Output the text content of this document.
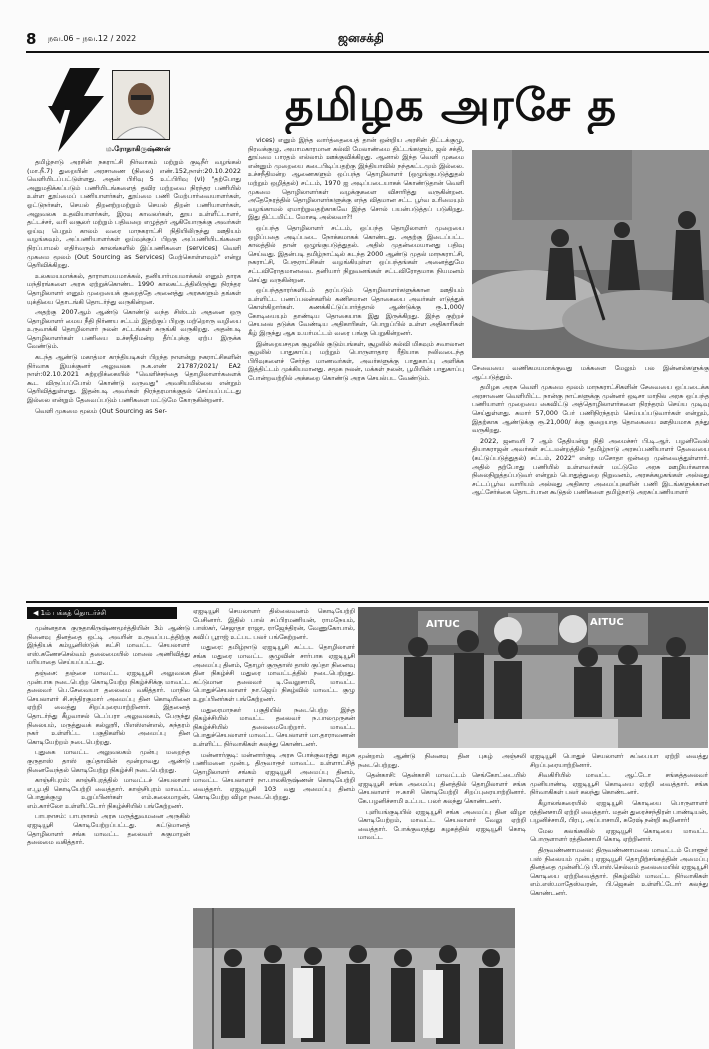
8 நவ.06 – நவ.12 / 2022	ஜனசக்தி
ம.ரோதாகிருஷ்ணன்
தமிழக அரசே த

தமிழ்நாடு அரசின் நகராட்சி நிர்வாகம் மற்றும் குடிநீர் வழங்கல் (மா.நீ.7) துறையின் அரசாணை (நிலை) எண்.152,நாள்:20.10.2022 வெளியிடப்பட்டுள்ளது. அதன் பிரிவு 5 உட்பிரிவு (vi) "தற்போது அனுமதிக்கப்படும் பணியிடங்களைத் தவிர மற்றவை நிரந்தர பணியில் உள்ள தூய்மைப் பணியாளர்கள், தூய்மை பணி மேற்பார்வையாளர்கள், ஓட்டுநர்கள், செயல் திறனற்றமற்றும் செயல் திறன் பணியாளர்கள், அலுவலக உதவியாளர்கள், இரவு காவலர்கள், தூய உள்ளீட்டாளர், தட்டச்சர், வரி வசூலர் மற்றும் பதிவறை எழுத்தர் ஆகியோருக்கு அவர்கள் ஓய்வு பெறும் காலம் வரை மாநகராட்சி நிதியிலிருந்து ஊதியம் வழங்கவும், அப்பணியாளர்கள் ஓய்வுக்குப் பிறகு அப்பணியிடங்களை நிரப்பாமல் எதிர்வரும் காலங்களில் இப்பணிகளை (services) வெளி முகமை மூலம் (Out Sourcing as Services) மேற்கொள்ளவும்" என்று தெரிவிக்கிறது.

உலகமயமாக்கல், தாராளமயமாக்கல், தனியார்மயமாக்கல் எனும் தாரக மந்திரங்களை அரசு ஏற்றுக்கொண்ட 1990 காலகட்டத்திலிருந்து நிரந்தர தொழிலாளர் எனும் முறையைக் குறைத்தே அனைத்து அரசுகளும் தங்கள் யுக்தியை தொடங்கி தொடர்ந்து வருகின்றன.

அதற்கு 2007ஆம் ஆண்டு கொண்டு வந்த சிஸ்டம் அதனை ஒரு தொழிலாளர் மைய நீதி நிர்ணய சட்டம் இதற்குப் பிறகு மற்றொரு வழியை உருவாக்கி தொழிலாளர் நலன் சட்டங்கள் சுருங்கி வருகிறது. அதன்படி தொழிலாளர்கள் பணியை உச்சநீதிமன்ற தீர்ப்புக்கு ஏற்ப இருக்க வேண்டும்.

கடந்த ஆண்டு மகாத்மா காந்தியடிகள் பிறந்த நாளன்று நகராட்சிகளின் நிர்வாக இயக்குனர் அலுவலக ந.க.எண் 21787/2021/ EA2 நாள்:02.10.2021 சுற்றறிக்கையில் "வெளிச்சந்தை தொழிலாளர்களைக் கூட விருப்பப்போல் கொண்டு வருவது" அவசியமில்லை என்றும் தெரிவித்துள்ளது. இதன்படி அவர்கள் நிரந்தரமாக்குதல் செய்யப்பட்டது இல்லை என்றும் தேவைப்படும் பணிகளை மட்டுமே கோருகின்றனர்.

வெளி முகமை மூலம் (Out Sourcing as Ser-

vices) எனும் இந்த வார்த்தையைத் தான் ஒன்றிய அரசின் திட்டக்குழு, நிரவக்குழு, அயாமகாரமான கல்வி மேலாண்மை திட்டங்களும், ஜல் சக்தி, தூய்மை பாரதம் எல்லாம் ஊக்குவிக்கிறது. ஆனால் இந்த வெளி முகமை என்னும் முறையை கடைபிடிப்பதற்கு இந்தியாவில் நந்தகட்டமும் இல்லை. உச்சநீதிமன்ற ஆணைகளும் ஒப்பந்த தொழிலாளர் (ஒழுங்குபடுத்துதல் மற்றும் ஒழித்தல்) சட்டம், 1970 ஐ அடிப்படையாகக் கொண்டுதான் வெளி முகமை தொழிலாளர்கள் வழக்குகளை விசாரித்து வருகின்றன. அதேநேரத்தில் தொழிலாளர்களுக்கு எந்த விதமான சட்ட பூர்வ உரிமையும் வழங்காமல் ஏமாற்றுவதற்காகவே இந்த சொல் பயன்படுத்தப் படுகிறது. இது திட்டமிட்ட மோசடி அல்லவா?!

ஒப்பந்த தொழிலாளர் சட்டம், ஒப்பந்த தொழிலாளர் முறையை ஒழிப்பதை அடிப்படை நோக்கமாகக் கொண்டது. அதற்கு இடைப்பட்ட காலத்தில் தான் ஒழுங்குபடுத்துதல். அதில் முதன்மையானது பதிவு செய்வது. இதன்படி தமிழ்நாட்டில் கடந்த 2000 ஆண்டு முதல் மாநகராட்சி, நகராட்சி, பேரூராட்சிகள் வழங்கியுள்ள ஒப்பந்தங்கள் அனைத்துமே சட்டவிரோதமானவை. தனியார் நிறுவனங்கள் சட்டவிரோதமாக நியமனம் செய்து வருகின்றன.

ஒப்பந்ததாரர்களிடம் தரப்படும் தொழிலாளர்களுக்கான ஊதியம் உள்ளிட்ட பணப்பலன்களில் கணிசமான தொகையை அவர்கள் எடுத்துக் கொள்கிறார்கள். கணக்கிட்டுப்பார்த்தால் ஆண்டுக்கு ரூ.1,000/கோடியையும் தாண்டிய தொகையாக இது இருக்கிறது. இந்த குற்றச் செயலை தடுக்க வேண்டிய அதிகாரிகள், பொறுப்பில் உள்ள அதிகாரிகள் கீழ் இருந்து ஆக உயர்மட்டம் வரை பங்கு பெறுகின்றனர்.

இன்றையசமூக சூழலில் குடும்பங்கள், சூழலில் கல்வி மிகவும் சவாலான சூழலில் பாதுகாப்பு மற்றும் பொருளாதார ரீதியாக நலிவடைந்த பிரிவுகளைச் சேர்ந்த மாணவர்கள், அவர்களுக்கு பாதுகாப்பு அளிக்க இத்திட்டம் முக்கியமானது. சமூக நலன், மக்கள் நலன், பூமியின் பாதுகாப்பு போன்றவற்றில் அக்கறை கொண்டு அரசு செயல்பட வேண்டும்.

சேவையை வணிகமயமாக்குவது மக்களை மேலும் பல இன்னல்களுக்கு ஆட்படுத்தும்.

தமிழக அரசு வெளி முகமை மூலம் மாநகராட்சிகளின் சேவையை ஒப்படைக்க அரசாணை வெளியிட்ட நான்கு நாட்களுக்கு முன்னர் ஒடிசா மாநில அரசு ஒப்பந்த பணியாளர் முறையை கைவிட்டு அத்தொழிலாளர்களை நிரந்தரம் செய்ய முடிவு செய்துள்ளது. சுமார் 57,000 பேர் பணிநிரந்தரம் செய்யப்படுவார்கள் என்றும், இதற்காக ஆண்டுக்கு ரூ.21,000/ க்கு குறையாத தொகையை ஊதியமாக தந்து வருகிறது.

2022, ஜனவரி 7 ஆம் தேதியன்று நிதி அமைச்சர் பி.டி.ஆர். பழனிவேல் தியாகராஜன் அவர்கள் சட்டமன்றத்தில் "தமிழ்நாடு அரசுப்பணியாளர் தேவையை (கட்டுப்படுத்துதல்) சட்டம், 2022" என்ற மசோதா ஒன்றை முன்வைத்துள்ளார். அதில் தற்போது பணியில் உள்ளவர்கள் மட்டுமே அரசு ஊழியர்களாக நிலைநிறுத்தப்படுவர் என்றும் பொதுத்துறை நிறுவனம், அரசுக்கழகங்கள் அல்லது சட்டப்பூர்வ வாரியம் அல்லது அதிகார அமைப்புகளின் பணி இடங்களுக்கான ஆட்சேர்க்கை தொடர்பான கூடுதல் பணிகளை தமிழ்நாடு அரசுப்பணியாளர்

◀ 1ம் பக்கத் தொடர்ச்சி

முன்னதாக குருதாகிருஷ்ணமூர்த்தியின் 3ம் ஆண்டு நினைவு தினத்தை ஒட்டி அவரின் உருவப்படத்திற்கு இந்தியக் கம்யூனிஸ்டுக் கட்சி மாவட்ட செயலாளர் எஸ்.கணேசசெல்வம் தலைமையில் மாலை அணிவித்து மரியாதை செய்யப்பட்டது.

தஞ்சை: தஞ்சை மாவட்ட ஏஐடியூசி அலுவலக முன்பாக நடைபெற்ற கொடியேற்ற நிகழ்ச்சிக்கு மாவட்ட தலைவர் பெ.சேவையா தலைமை வகித்தார். மாநில செயலாளர் சி.சந்திரகுமார் அமைப்பு தின கொடியினை ஏற்றி வைத்து சிறப்புரையாற்றினார். இதனைத் தொடர்ந்து கீழவாசல் டெப்பரா அலுவலகம், பேருந்து நிலையம், மருத்துவக் கல்லூரி, பிஎஸ்என்எல், சுந்தரம் நகர் உள்ளிட்ட பகுதிகளில் அமைப்பு தின கொடியேற்றம் நடைபெற்றது.

புதுகை மாவட்ட அலுவலகம் முன்பு மறைந்த குருதாஸ் தாஸ் குப்தாவின் மூன்றாவது ஆண்டு நினைவேந்தல் கொடியேற்று நிகழ்ச்சி நடைபெற்றது.

காஞ்சிபுரம்: காஞ்சிபுரத்தில் மாவட்டச் செயலாளர் எ.பூபதி கொடியேற்றி வைத்தார். காஞ்சிபுரம் மாவட்ட பொதுக்குழு உறுப்பினர்கள் எம்.கலைமாறன், எம்.கார்லோ உள்ளிட்டோர் நிகழ்ச்சியில் பங்கேற்றனர்.

பாபநாசம்: பாபநாசம் அரசு மருத்துவமனை அருகில் ஏஐடியூசி கொடியேற்றப்பட்டது. கட்டுமானத் தொழிலாளர் சங்க மாவட்ட தலைவர் சுகுமாறன் தலைமை வகித்தார்.

ஏஐடியூசி செயலாளர் தில்லைவனம் கொடியேற்றி பேசினார். இதில் பால் சப்பிரமணியன், ராமநேயம், பாஸ்கர், செஜாதா ராஜா, ராஜேந்திரன், வேணுகோபால், கவிப் பூராஜ் உட்பட பலர் பங்கேற்றனர்.

மதுரை: தமிழ்நாடு ஏஐடியூசி கட்டட தொழிலாளர் சங்க மதுரை மாவட்ட குழுவின் சார்பாக ஏஐடியூசி அமைப்பு தினம், தோழர் குருதாஸ் தாஸ் குப்தா நினைவு தின நிகழ்ச்சி மதுரை மாவட்டத்தில் நடைபெற்றது. கட்டுமான தலைவர் டி.வேலுசாமி, மாவட்ட பொதுச்செயலாளர் நா.ஜெய் நிகழ்வில் மாவட்ட குழு உறுப்பினர்கள் பங்கேற்றனர்.

மதுரைமாநகர் பகுதியில் நடைபெற்ற இந்த நிகழ்ச்சியில் மாவட்ட தலைவர் ந.பாலமுருகன் நிகழ்ச்சியில் தலைமையேற்றார். மாவட்ட பொதுச்செயலாளர் மாவட்ட செயலாளர் மா.தாராவணன் உள்ளிட்ட நிர்வாகிகள் கலந்து கொண்டனர்.

மன்னார்குடி: மன்னார்குடி அரசு போக்குவரத்து கழக பணிமனை முன்பு, திருவாரூர் மாவட்ட உள்ளாட்சித் தொழிலாளர் சங்கம் ஏஐடியூசி அமைப்பு தினம், மாவட்ட செயலாளர் நா.பாலகிருஷ்ணன் கொடியேற்றி வைத்தார். ஏஐடியூசி 103 வது அமைப்பு தினம் கொடியேற்ற விழா நடைபெற்றது.

AITUC	AITUC

மூன்றாம் ஆண்டு நினைவு தின புகழ் அஞ்சலி நடைபெற்றது.

தென்காசி: தென்காசி மாவட்டம் செங்கோட்டையில் ஏஐடியூசி சங்க அமைப்பு தினத்தில் தொழிலாளர் சங்க செயலாளர் ஈ.காசி கொடியேற்றி சிறப்புரையாற்றினார். கே.பழனிச்சாமி உட்பட பலர் கலந்து கொண்டனர்.

புளியங்குடியில் ஏஐடியூசி சங்க அமைப்பு தின விழா கொடியேற்றம், மாவட்ட செயலாளர் வேலு ஏற்றி வைத்தார். போக்குவரத்து கழகத்தில் ஏஐடியூசி கொடி மாவட்ட

ஏஐடியூசி பொதுச் செயலாளர் சுப்பையா ஏற்றி வைத்து சிறப்புரையாற்றினார்.

சிவகிரியில் மாவட்ட ஆட்டோ சங்கத்தலைவர் முனியாண்டி ஏஐடியூசி கொடியை ஏற்றி வைத்தார். சங்க நிர்வாகிகள் பலர் கலந்து கொண்டனர்.

கீழாலங்கரையில் ஏஐடியூசி கொடியை பொருளாளர் ரத்தினசாமி ஏற்றி வைத்தார். மதன் துரைச்சந்திரன் பாண்டியன், பழனிச்சாமி, பிரபு, அப்பாசாமி, சுரேஷ் நன்றி கூறினார்!

மேல கலங்கலில் ஏஐடியூசி கொடியை மாவட்ட பொருளாளர் ரத்தினசாமி கொடி ஏற்றினார்.

திருவண்ணாமலை: திருவண்ணாமலை மாவட்டம் போளூர் பஸ் நிலையம் முன்பு ஏஐடியூசி தொழிற்சங்கத்தின் அமைப்பு தினத்தை முன்னிட்டு பி.எஸ்.செல்வம் தலைமையில் ஏஐடியூசி கொடியை ஏற்றிவைத்தார். நிகழ்வில் மாவட்ட நிர்வாகிகள் எம்.எஸ்.மாதேஸ்வரன், பி.ஜெகன் உள்ளிட்டோர் கலந்து கொண்டனர்.
